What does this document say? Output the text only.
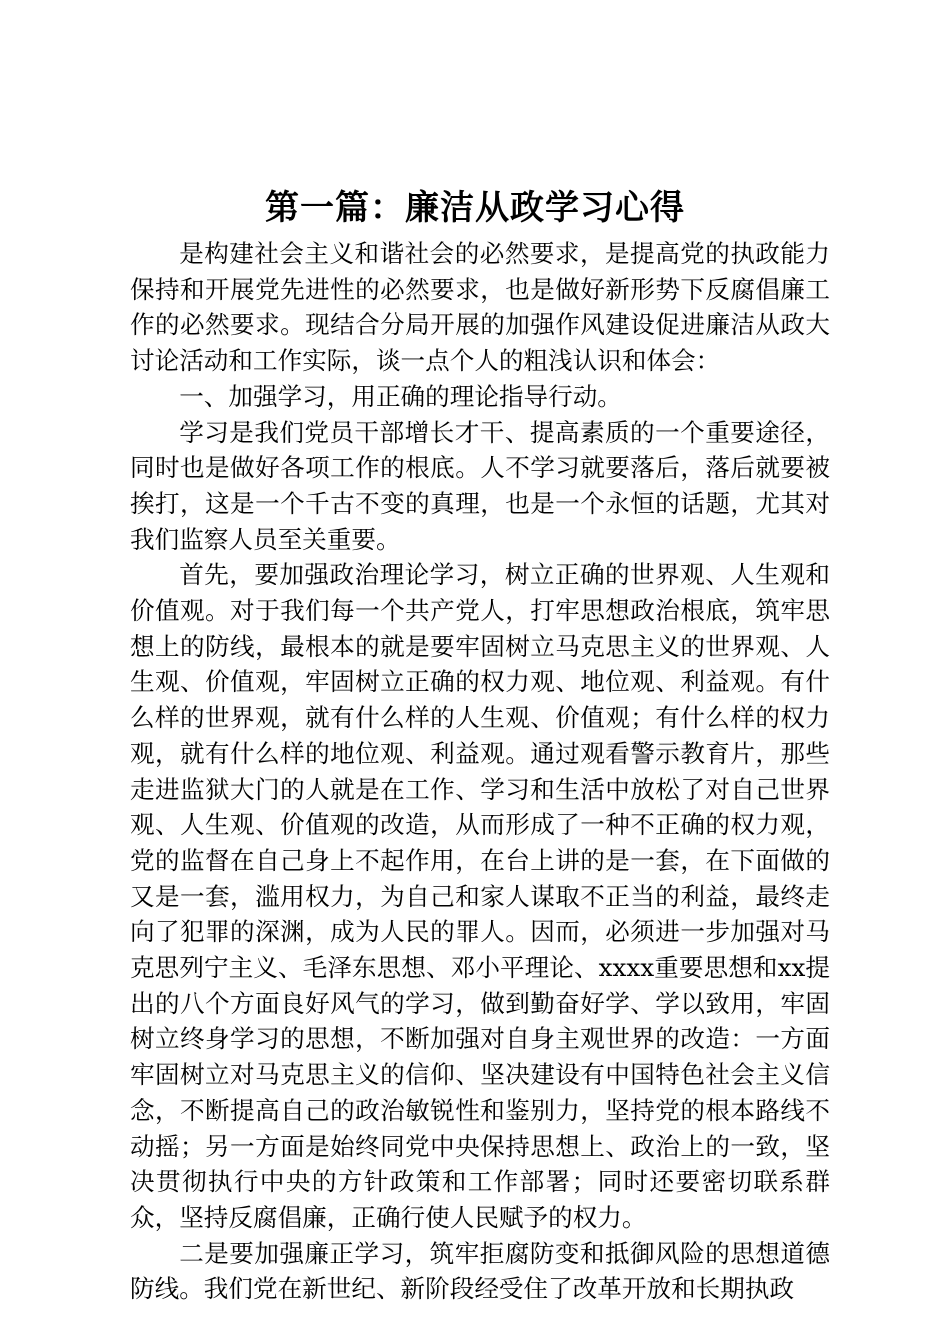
第一篇：廉洁从政学习心得

是构建社会主义和谐社会的必然要求，是提高党的执政能力保持和开展党先进性的必然要求，也是做好新形势下反腐倡廉工作的必然要求。现结合分局开展的加强作风建设促进廉洁从政大讨论活动和工作实际，谈一点个人的粗浅认识和体会：

一、加强学习，用正确的理论指导行动。

学习是我们党员干部增长才干、提高素质的一个重要途径，同时也是做好各项工作的根底。人不学习就要落后，落后就要被挨打，这是一个千古不变的真理，也是一个永恒的话题，尤其对我们监察人员至关重要。

首先，要加强政治理论学习，树立正确的世界观、人生观和价值观。对于我们每一个共产党人，打牢思想政治根底，筑牢思想上的防线，最根本的就是要牢固树立马克思主义的世界观、人生观、价值观，牢固树立正确的权力观、地位观、利益观。有什么样的世界观，就有什么样的人生观、价值观；有什么样的权力观，就有什么样的地位观、利益观。通过观看警示教育片，那些走进监狱大门的人就是在工作、学习和生活中放松了对自己世界观、人生观、价值观的改造，从而形成了一种不正确的权力观，党的监督在自己身上不起作用，在台上讲的是一套，在下面做的又是一套，滥用权力，为自己和家人谋取不正当的利益，最终走向了犯罪的深渊，成为人民的罪人。因而，必须进一步加强对马克思列宁主义、毛泽东思想、邓小平理论、xxxx重要思想和xx提出的八个方面良好风气的学习，做到勤奋好学、学以致用，牢固树立终身学习的思想，不断加强对自身主观世界的改造：一方面牢固树立对马克思主义的信仰、坚决建设有中国特色社会主义信念，不断提高自己的政治敏锐性和鉴别力，坚持党的根本路线不动摇；另一方面是始终同党中央保持思想上、政治上的一致，坚决贯彻执行中央的方针政策和工作部署；同时还要密切联系群众，坚持反腐倡廉，正确行使人民赋予的权力。

二是要加强廉正学习，筑牢拒腐防变和抵御风险的思想道德防线。我们党在新世纪、新阶段经受住了改革开放和长期执政
